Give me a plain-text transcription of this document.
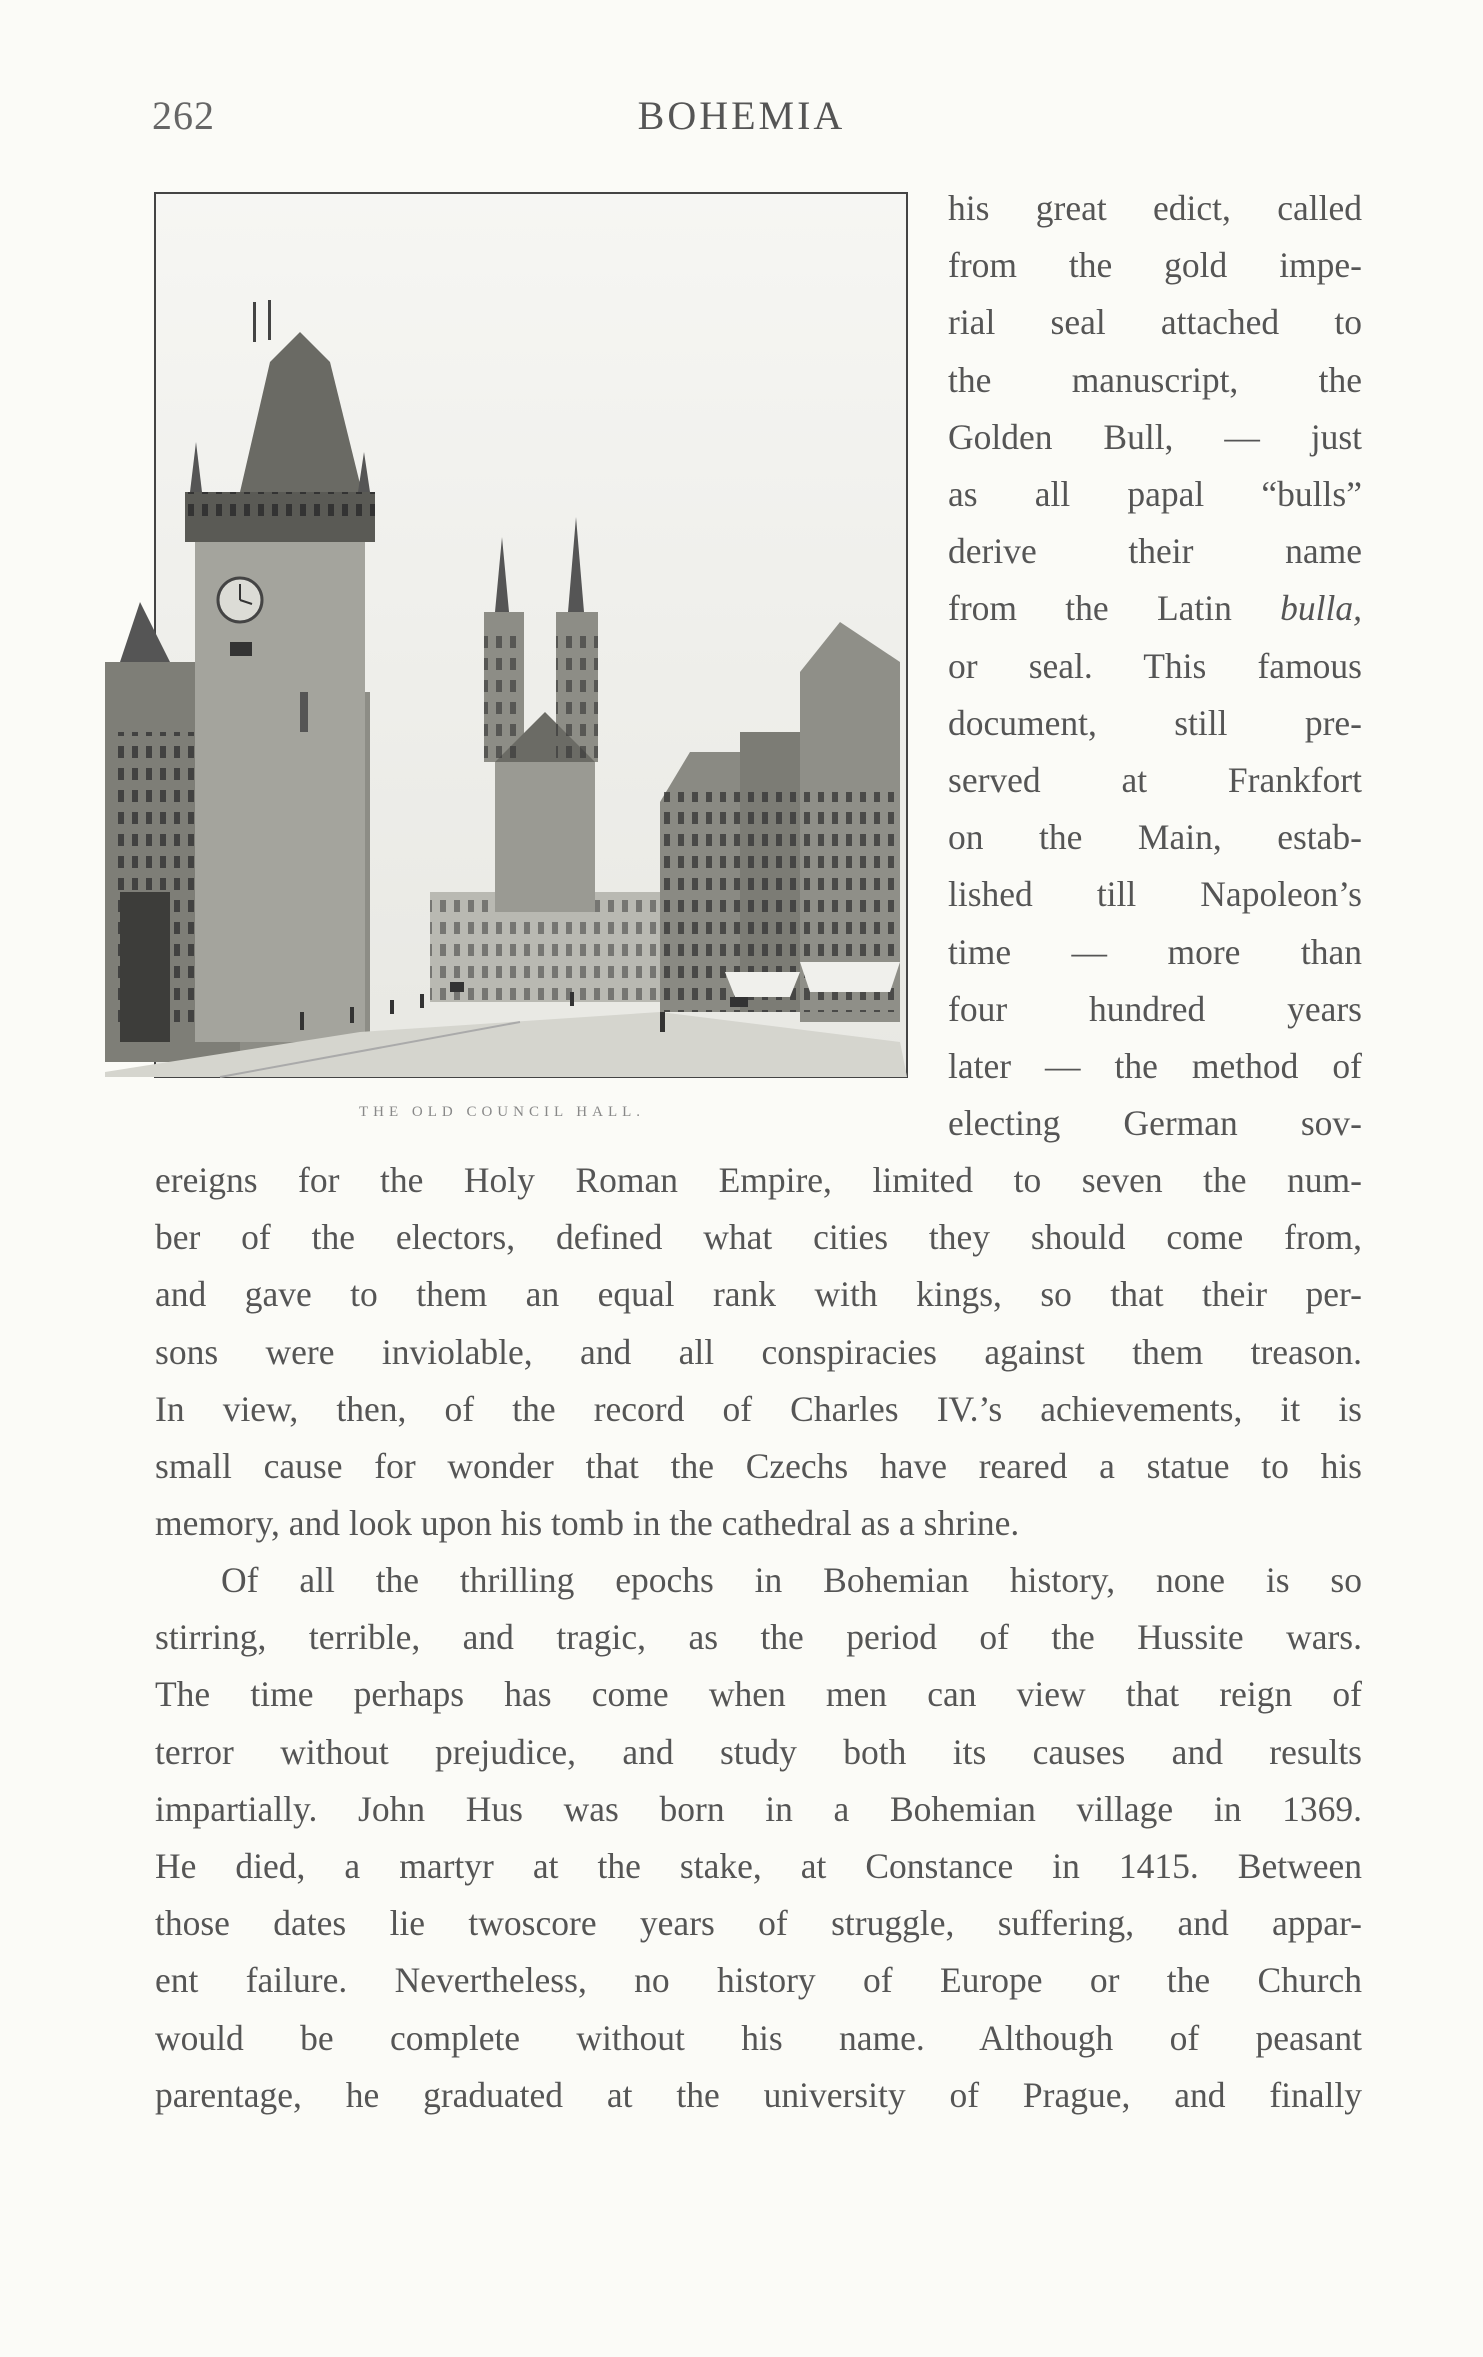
262	BOHEMIA
THE OLD COUNCIL HALL.

his great edict, called
from the gold impe-
rial seal attached to
the manuscript, the
Golden Bull, — just
as all papal “bulls”
derive their name
from the Latin bulla,
or seal. This famous
document, still pre-
served at Frankfort
on the Main, estab-
lished till Napoleon’s
time — more than
four hundred years
later — the method of
electing German sov-

ereigns for the Holy Roman Empire, limited to seven the num-
ber of the electors, defined what cities they should come from,
and gave to them an equal rank with kings, so that their per-
sons were inviolable, and all conspiracies against them treason.
In view, then, of the record of Charles IV.’s achievements, it is
small cause for wonder that the Czechs have reared a statue to his
memory, and look upon his tomb in the cathedral as a shrine.

Of all the thrilling epochs in Bohemian history, none is so
stirring, terrible, and tragic, as the period of the Hussite wars.
The time perhaps has come when men can view that reign of
terror without prejudice, and study both its causes and results
impartially. John Hus was born in a Bohemian village in 1369.
He died, a martyr at the stake, at Constance in 1415. Between
those dates lie twoscore years of struggle, suffering, and appar-
ent failure. Nevertheless, no history of Europe or the Church
would be complete without his name. Although of peasant
parentage, he graduated at the university of Prague, and finally
